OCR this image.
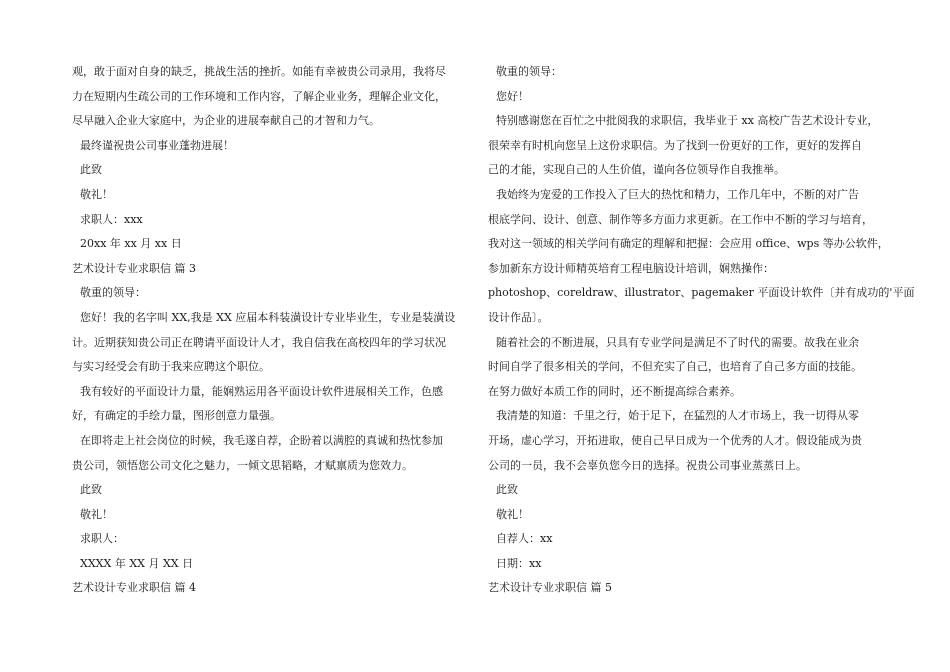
观，敢于面对自身的缺乏，挑战生活的挫折。如能有幸被贵公司录用，我将尽
力在短期内生疏公司的工作环境和工作内容，了解企业业务，理解企业文化，
尽早融入企业大家庭中，为企业的进展奉献自己的才智和力气。
最终谨祝贵公司事业蓬勃进展！
此致
敬礼！
求职人：xxx
20xx 年 xx 月 xx 日
艺术设计专业求职信 篇 3
敬重的领导：
您好！我的名字叫 XX,我是 XX 应届本科装潢设计专业毕业生，专业是装潢设
计。近期获知贵公司正在聘请平面设计人才，我自信我在高校四年的学习状况
与实习经受会有助于我来应聘这个职位。
我有较好的平面设计力量，能娴熟运用各平面设计软件进展相关工作，色感
好，有确定的手绘力量，图形创意力量强。
在即将走上社会岗位的时候，我毛遂自荐，企盼着以满腔的真诚和热忱参加
贵公司，领悟您公司文化之魅力，一倾文思韬略，才赋禀质为您效力。
此致
敬礼！
求职人：
XXXX 年 XX 月 XX 日
艺术设计专业求职信 篇 4
敬重的领导：
您好！
特别感谢您在百忙之中批阅我的求职信，我毕业于 xx 高校广告艺术设计专业，
很荣幸有时机向您呈上这份求职信。为了找到一份更好的工作，更好的发挥自
己的才能，实现自己的人生价值，谨向各位领导作自我推举。
我始终为宠爱的工作投入了巨大的热忱和精力，工作几年中，不断的对广告
根底学问、设计、创意、制作等多方面力求更新。在工作中不断的学习与培育，
我对这一领域的相关学问有确定的理解和把握：会应用 office、wps 等办公软件，
参加新东方设计师精英培育工程电脑设计培训，娴熟操作：
photoshop、coreldraw、illustrator、pagemaker 平面设计软件〔并有成功的'平面
设计作品〕。
随着社会的不断进展，只具有专业学问是满足不了时代的需要。故我在业余
时间自学了很多相关的学问，不但充实了自己，也培育了自己多方面的技能。
在努力做好本质工作的同时，还不断提高综合素养。
我清楚的知道：千里之行，始于足下，在猛烈的人才市场上，我一切得从零
开场，虚心学习，开拓进取，使自己早日成为一个优秀的人才。假设能成为贵
公司的一员，我不会辜负您今日的选择。祝贵公司事业蒸蒸日上。
此致
敬礼！
自荐人：xx
日期：xx
艺术设计专业求职信 篇 5
